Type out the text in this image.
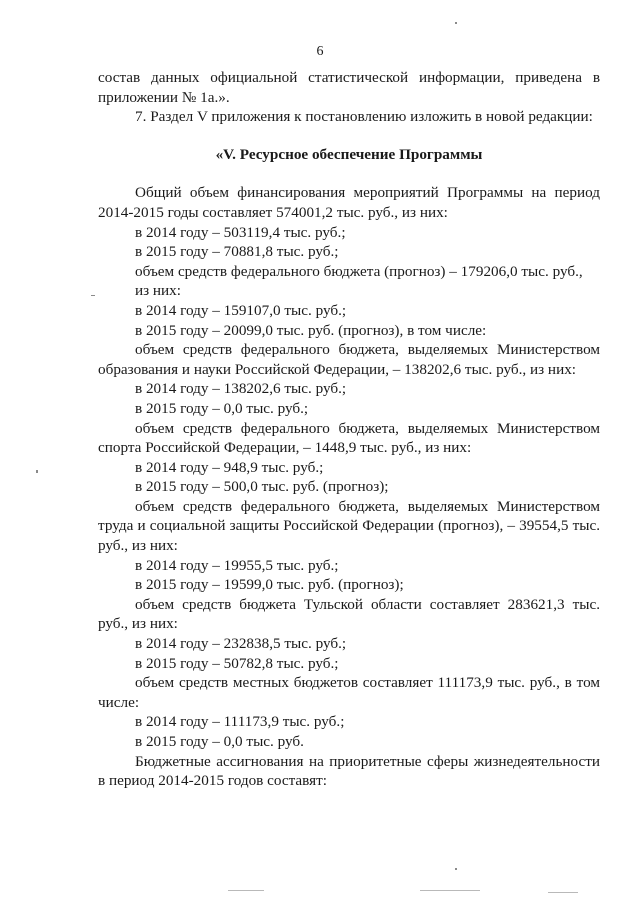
6

состав данных официальной статистической информации, приведена в приложении № 1а.».

7. Раздел V приложения к постановлению изложить в новой редакции:

«V. Ресурсное обеспечение Программы

Общий объем финансирования мероприятий Программы на период 2014-2015 годы составляет 574001,2 тыс. руб., из них:

в 2014 году – 503119,4 тыс. руб.;

в 2015 году – 70881,8 тыс. руб.;

объем средств федерального бюджета (прогноз) – 179206,0 тыс. руб.,

из них:

в 2014 году – 159107,0 тыс. руб.;

в 2015 году – 20099,0 тыс. руб. (прогноз), в том числе:

объем средств федерального бюджета, выделяемых Министерством образования и науки Российской Федерации, – 138202,6 тыс. руб., из них:

в 2014 году – 138202,6 тыс. руб.;

в 2015 году – 0,0 тыс. руб.;

объем средств федерального бюджета, выделяемых Министерством спорта Российской Федерации, – 1448,9 тыс. руб., из них:

в 2014 году – 948,9 тыс. руб.;

в 2015 году – 500,0 тыс. руб. (прогноз);

объем средств федерального бюджета, выделяемых Министерством труда и социальной защиты Российской Федерации (прогноз), – 39554,5 тыс. руб., из них:

в 2014 году – 19955,5 тыс. руб.;

в 2015 году – 19599,0 тыс. руб. (прогноз);

объем средств бюджета Тульской области составляет 283621,3 тыс. руб., из них:

в 2014 году – 232838,5 тыс. руб.;

в 2015 году – 50782,8 тыс. руб.;

объем средств местных бюджетов составляет 111173,9 тыс. руб., в том числе:

в 2014 году – 111173,9 тыс. руб.;

в 2015 году – 0,0 тыс. руб.

Бюджетные ассигнования на приоритетные сферы жизнедеятельности в период 2014-2015 годов составят:
